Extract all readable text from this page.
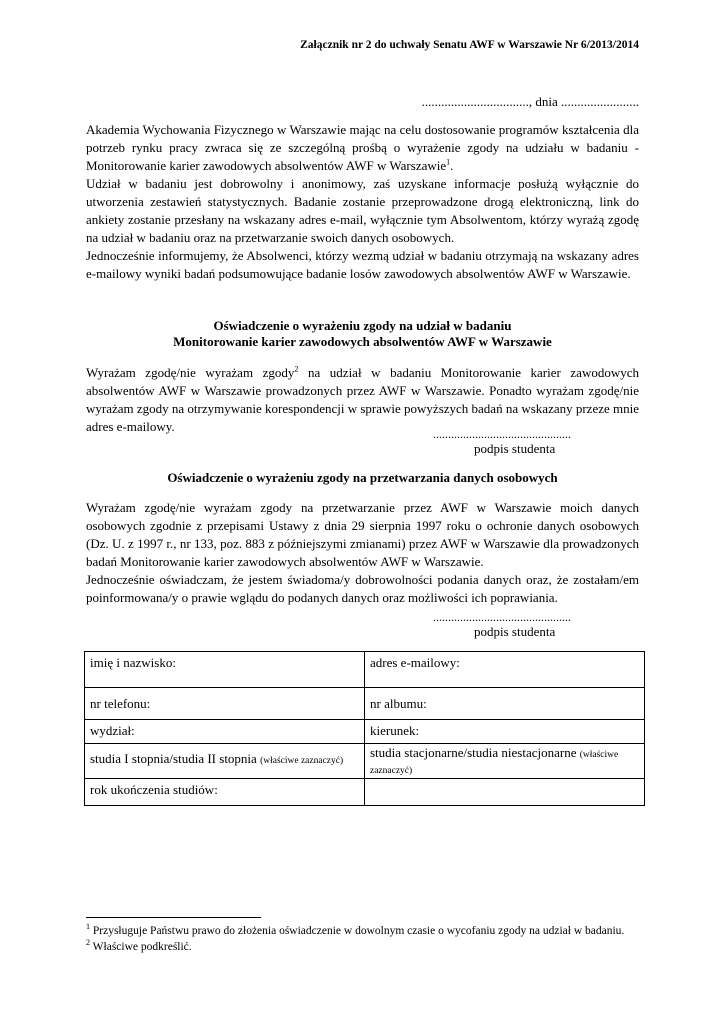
Załącznik nr 2 do uchwały Senatu AWF w Warszawie Nr 6/2013/2014
................................., dnia ........................

Akademia Wychowania Fizycznego w Warszawie mając na celu dostosowanie programów kształcenia dla potrzeb rynku pracy zwraca się ze szczególną prośbą o wyrażenie zgody na udziału w badaniu - Monitorowanie karier zawodowych absolwentów AWF w Warszawie$^1$.

Udział w badaniu jest dobrowolny i anonimowy, zaś uzyskane informacje posłużą wyłącznie do utworzenia zestawień statystycznych. Badanie zostanie przeprowadzone drogą elektroniczną, link do ankiety zostanie przesłany na wskazany adres e-mail, wyłącznie tym Absolwentom, którzy wyrażą zgodę na udział w badaniu oraz na przetwarzanie swoich danych osobowych.

Jednocześnie informujemy, że Absolwenci, którzy wezmą udział w badaniu otrzymają na wskazany adres e-mailowy wyniki badań podsumowujące badanie losów zawodowych absolwentów AWF w Warszawie.

Oświadczenie o wyrażeniu zgody na udział w badaniu
Monitorowanie karier zawodowych absolwentów AWF w Warszawie

Wyrażam zgodę/nie wyrażam zgody$^2$ na udział w badaniu Monitorowanie karier zawodowych absolwentów AWF w Warszawie prowadzonych przez AWF w Warszawie. Ponadto wyrażam zgodę/nie wyrażam zgody na otrzymywanie korespondencji w sprawie powyższych badań na wskazany przeze mnie adres e-mailowy.	..............................................
podpis studenta
Oświadczenie o wyrażeniu zgody na przetwarzania danych osobowych

Wyrażam zgodę/nie wyrażam zgody na przetwarzanie przez AWF w Warszawie moich danych osobowych zgodnie z przepisami Ustawy z dnia 29 sierpnia 1997 roku o ochronie danych osobowych (Dz. U. z 1997 r., nr 133, poz. 883 z późniejszymi zmianami) przez AWF w Warszawie dla prowadzonych badań Monitorowanie karier zawodowych absolwentów AWF w Warszawie.

Jednocześnie oświadczam, że jestem świadoma/y dobrowolności podania danych oraz, że zostałam/em poinformowana/y o prawie wglądu do podanych danych oraz możliwości ich poprawiania.

..............................................
podpis studenta
imię i nazwisko:	adres e-mailowy:
nr telefonu:	nr albumu:
wydział:	kierunek:
studia I stopnia/studia II stopnia (właściwe zaznaczyć)	studia stacjonarne/studia niestacjonarne (właściwe zaznaczyć)
rok ukończenia studiów:	

$^1$ Przysługuje Państwu prawo do złożenia oświadczenie w dowolnym czasie o wycofaniu zgody na udział w badaniu.

$^2$ Właściwe podkreślić.
